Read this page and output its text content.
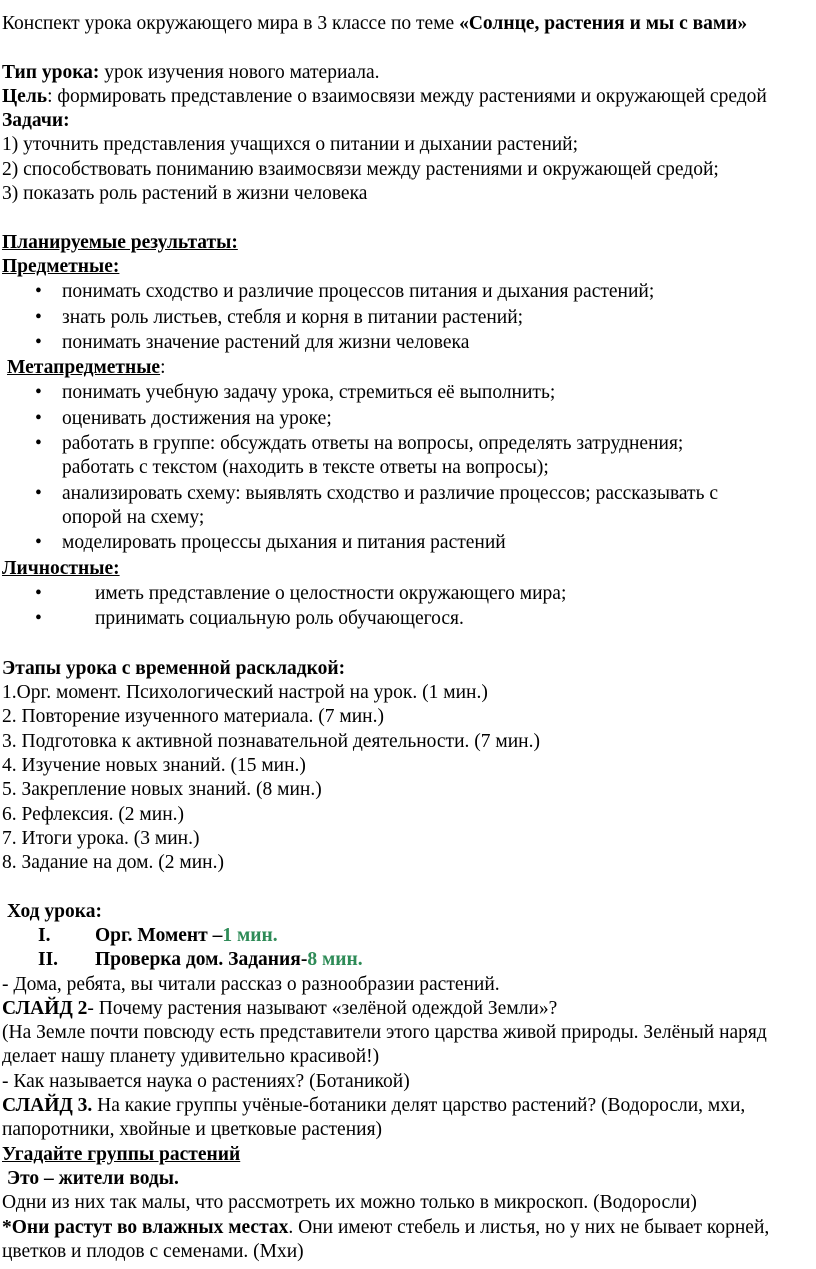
Конспект урока окружающего мира в 3 классе по теме «Солнце, растения и мы с вами»
Тип урока: урок изучения нового материала.
Цель: формировать представление о взаимосвязи между растениями и окружающей средой
Задачи:
1) уточнить представления учащихся о питании и дыхании растений;
2) способствовать пониманию взаимосвязи между растениями и окружающей средой;
3) показать роль растений в жизни человека
Планируемые результаты:
Предметные:
• понимать сходство и различие процессов питания и дыхания растений;
• знать роль листьев, стебля и корня в питании растений;
• понимать значение растений для жизни человека
Метапредметные:
• понимать учебную задачу урока, стремиться её выполнить;
• оценивать достижения на уроке;
• работать в группе: обсуждать ответы на вопросы, определять затруднения; работать с текстом (находить в тексте ответы на вопросы);
• анализировать схему: выявлять сходство и различие процессов; рассказывать с опорой на схему;
• моделировать процессы дыхания и питания растений
Личностные:
•	иметь представление о целостности окружающего мира;
•	принимать социальную роль обучающегося.
Этапы урока с временной раскладкой:
1.Орг. момент. Психологический настрой на урок. (1 мин.)
2. Повторение изученного материала. (7 мин.)
3. Подготовка к активной познавательной деятельности. (7 мин.)
4. Изучение новых знаний. (15 мин.)
5. Закрепление новых знаний. (8 мин.)
6. Рефлексия. (2 мин.)
7. Итоги урока. (3 мин.)
8. Задание на дом. (2 мин.)
Ход урока:
I.	Орг. Момент – 1 мин.
II.	Проверка дом. Задания- 8 мин.
- Дома, ребята, вы читали рассказ о разнообразии растений.
СЛАЙД 2- Почему растения называют «зелёной одеждой Земли»?
(На Земле почти повсюду есть представители этого царства живой природы. Зелёный наряд делает нашу планету удивительно красивой!)
- Как называется наука о растениях? (Ботаникой)
СЛАЙД 3. На какие группы учёные-ботаники делят царство растений? (Водоросли, мхи, папоротники, хвойные и цветковые растения)
Угадайте группы растений
Это – жители воды.
Одни из них так малы, что рассмотреть их можно только в микроскоп. (Водоросли)
*Они растут во влажных местах. Они имеют стебель и листья, но у них не бывает корней, цветков и плодов с семенами. (Мхи)
